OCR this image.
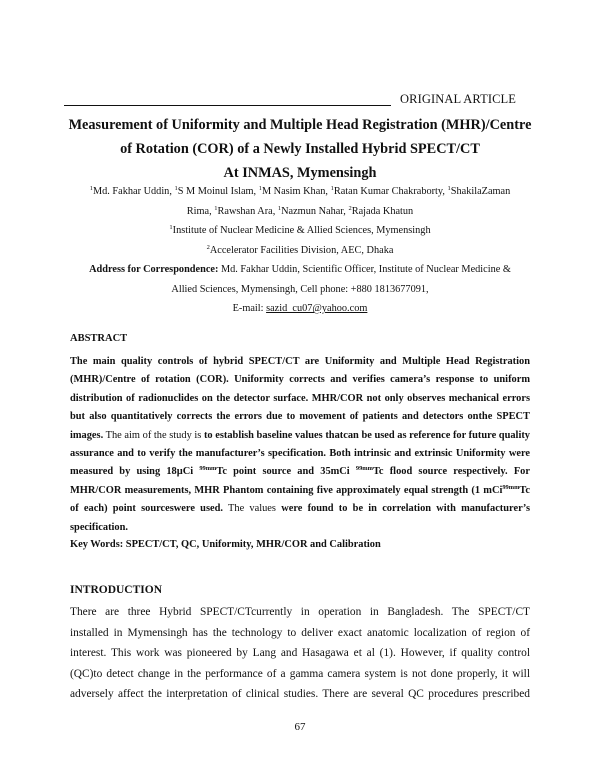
ORIGINAL ARTICLE
Measurement of Uniformity and Multiple Head Registration (MHR)/Centre
of Rotation (COR) of a Newly Installed Hybrid SPECT/CT
At INMAS, Mymensingh
$^1$Md. Fakhar Uddin, $^1$S M Moinul Islam, $^1$M Nasim Khan, $^1$Ratan Kumar Chakraborty, $^1$ShakilaZaman
Rima, $^1$Rawshan Ara, $^1$Nazmun Nahar, $^2$Rajada Khatun
$^1$Institute of Nuclear Medicine & Allied Sciences, Mymensingh
$^2$Accelerator Facilities Division, AEC, Dhaka
Address for Correspondence: Md. Fakhar Uddin, Scientific Officer, Institute of Nuclear Medicine &
Allied Sciences, Mymensingh, Cell phone: +880 1813677091,
E-mail: sazid_cu07@yahoo.com
ABSTRACT
The main quality controls of hybrid SPECT/CT are Uniformity and Multiple Head Registration (MHR)/Centre of rotation (COR). Uniformity corrects and verifies camera’s response to uniform distribution of radionuclides on the detector surface. MHR/COR not only observes mechanical errors but also quantitatively corrects the errors due to movement of patients and detectors onthe SPECT images. The aim of the study is to establish baseline values thatcan be used as reference for future quality assurance and to verify the manufacturer’s specification. Both intrinsic and extrinsic Uniformity were measured by using 18µCi $^{99mm}$Tc point source and 35mCi $^{99mm}$Tc flood source respectively. For MHR/COR measurements, MHR Phantom containing five approximately equal strength (1 mCi$^{99mm}$Tc of each) point sourceswere used. The values were found to be in correlation with manufacturer’s specification.
Key Words: SPECT/CT, QC, Uniformity, MHR/COR and Calibration
INTRODUCTION
There are three Hybrid SPECT/CTcurrently in operation in Bangladesh. The SPECT/CT
installed in Mymensingh has the technology to deliver exact anatomic localization of region of
interest. This work was pioneered by Lang and Hasagawa et al (1). However, if quality control
(QC)to detect change in the performance of a gamma camera system is not done properly, it will
adversely affect the interpretation of clinical studies. There are several QC procedures prescribed
67
